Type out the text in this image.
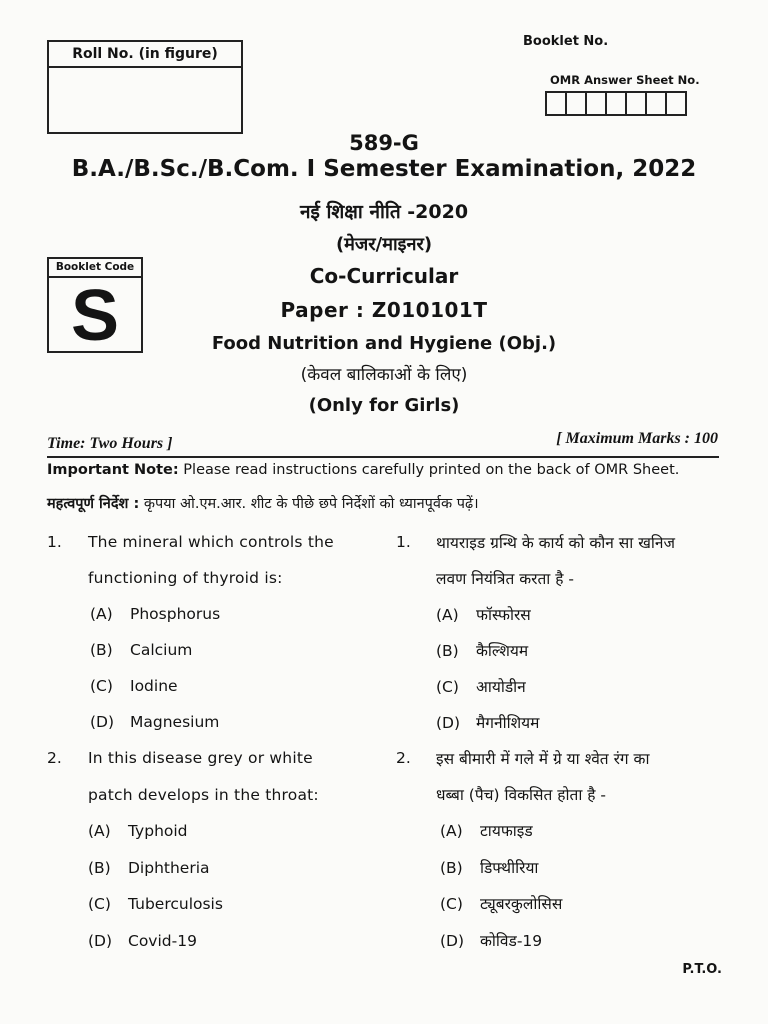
Roll No. (in figure)
Booklet No.
OMR Answer Sheet No.
Booklet Code
S
589-G
B.A./B.Sc./B.Com. I Semester Examination, 2022
नई शिक्षा नीति -2020
(मेजर/माइनर)
Co-Curricular
Paper : Z010101T
Food Nutrition and Hygiene (Obj.)
(केवल बालिकाओं के लिए)
(Only for Girls)
Time: Two Hours ]	[ Maximum Marks : 100
Important Note: Please read instructions carefully printed on the back of OMR Sheet.
महत्वपूर्ण निर्देश : कृपया ओ.एम.आर. शीट के पीछे छपे निर्देशों को ध्यानपूर्वक पढ़ें।
1. The mineral which controls the
functioning of thyroid is:
(A) Phosphorus
(B) Calcium
(C) Iodine
(D) Magnesium
1. थायराइड ग्रन्थि के कार्य को कौन सा खनिज
लवण नियंत्रित करता है -
(A) फॉस्फोरस
(B) कैल्शियम
(C) आयोडीन
(D) मैगनीशियम
2. In this disease grey or white
patch develops in the throat:
(A) Typhoid
(B) Diphtheria
(C) Tuberculosis
(D) Covid-19
2. इस बीमारी में गले में ग्रे या श्वेत रंग का
धब्बा (पैच) विकसित होता है -
(A) टायफाइड
(B) डिफ्थीरिया
(C) ट्यूबरकुलोसिस
(D) कोविड-19
P.T.O.
